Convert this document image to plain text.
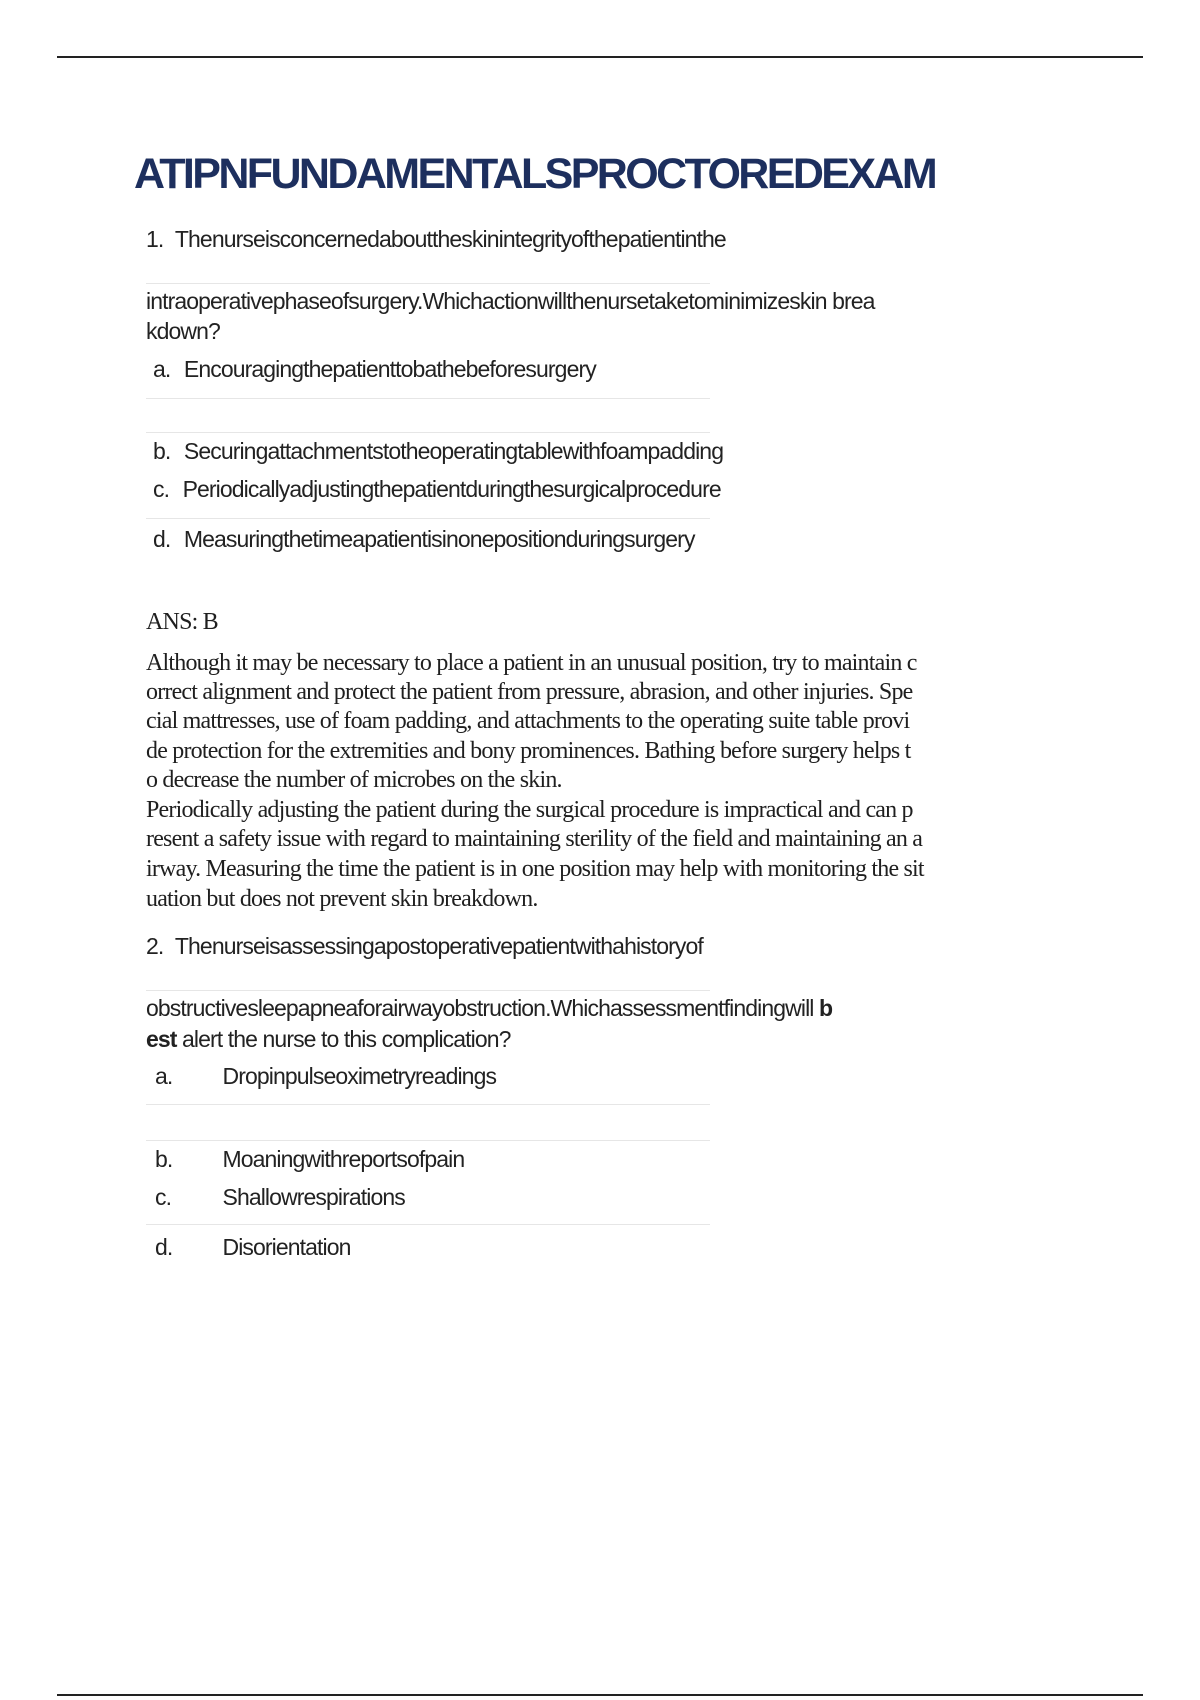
ATIPNFUNDAMENTALSPROCTOREDEXAM
1. Thenurseisconcernedabouttheskinintegrityofthepatientinthe
intraoperativephaseofsurgery.Whichactionwillthenursetaketominimizeskin brea
kdown?
a. Encouragingthepatienttobathebeforesurgery
b. Securingattachmentstotheoperatingtablewithfoampadding
c. Periodicallyadjustingthepatientduringthesurgicalprocedure
d. Measuringthetimeapatientisinonepositionduringsurgery
ANS: B
Although it may be necessary to place a patient in an unusual position, try to maintain c
orrect alignment and protect the patient from pressure, abrasion, and other injuries. Spe
cial mattresses, use of foam padding, and attachments to the operating suite table provi
de protection for the extremities and bony prominences. Bathing before surgery helps t
o decrease the number of microbes on the skin.
Periodically adjusting the patient during the surgical procedure is impractical and can p
resent a safety issue with regard to maintaining sterility of the field and maintaining an a
irway. Measuring the time the patient is in one position may help with monitoring the sit
uation but does not prevent skin breakdown.
2. Thenurseisassessingapostoperativepatientwithahistoryof
obstructivesleepapneaforairwayobstruction.Whichassessmentfindingwill b
est alert the nurse to this complication?
a. Dropinpulseoximetryreadings
b. Moaningwithreportsofpain
c. Shallowrespirations
d. Disorientation
